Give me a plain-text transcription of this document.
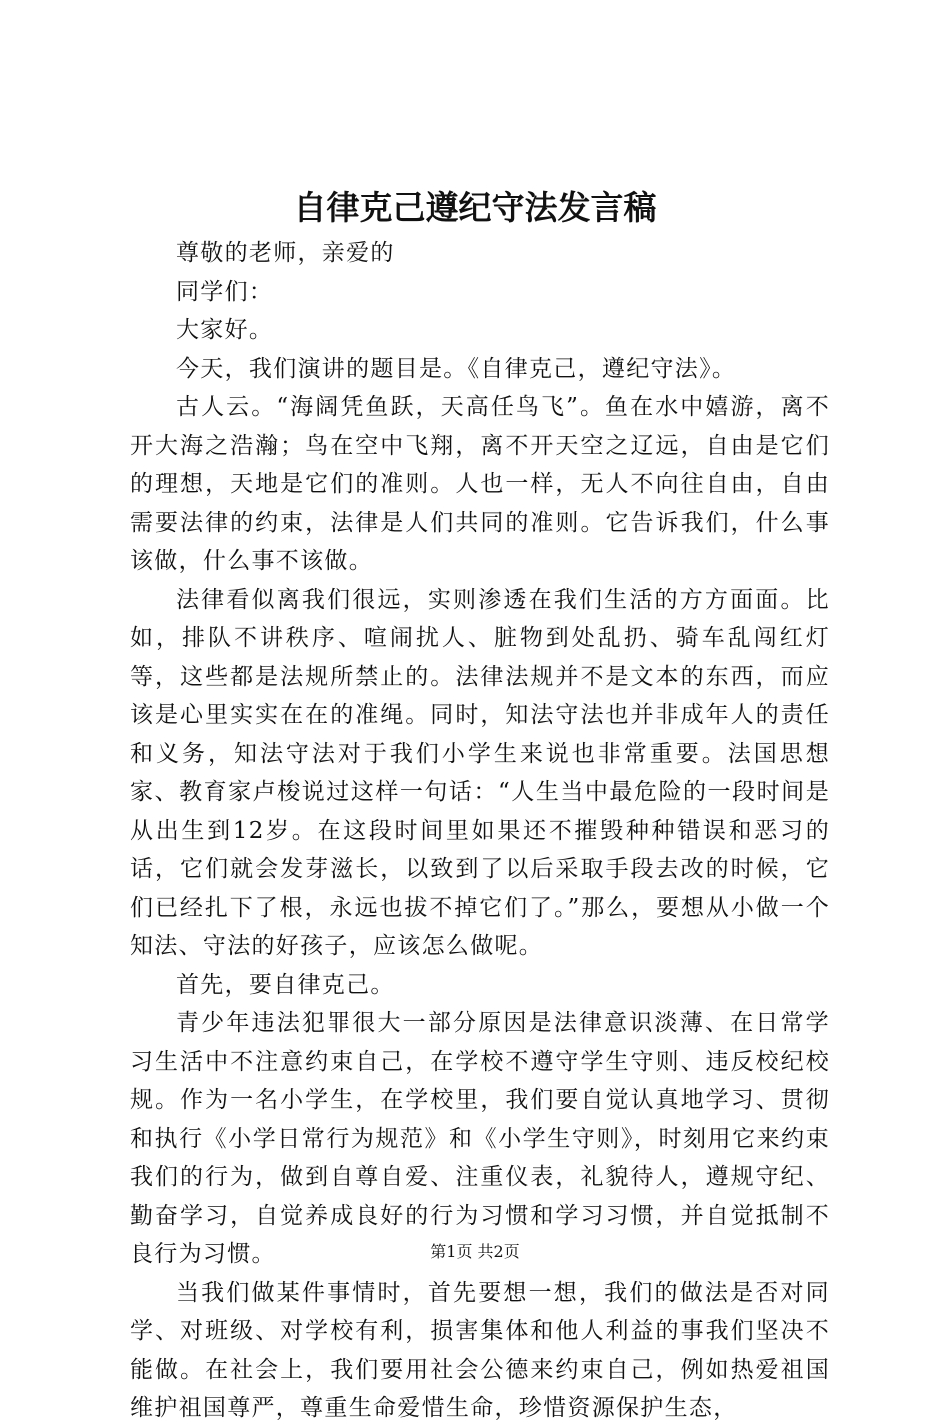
自律克己遵纪守法发言稿

尊敬的老师，亲爱的

同学们：

大家好。

今天，我们演讲的题目是。《自律克己，遵纪守法》。

古人云。“海阔凭鱼跃，天高任鸟飞”。鱼在水中嬉游，离不开大海之浩瀚；鸟在空中飞翔，离不开天空之辽远，自由是它们的理想，天地是它们的准则。人也一样，无人不向往自由，自由需要法律的约束，法律是人们共同的准则。它告诉我们，什么事该做，什么事不该做。

法律看似离我们很远，实则渗透在我们生活的方方面面。比如，排队不讲秩序、喧闹扰人、脏物到处乱扔、骑车乱闯红灯等，这些都是法规所禁止的。法律法规并不是文本的东西，而应该是心里实实在在的准绳。同时，知法守法也并非成年人的责任和义务，知法守法对于我们小学生来说也非常重要。法国思想家、教育家卢梭说过这样一句话：“人生当中最危险的一段时间是从出生到12岁。在这段时间里如果还不摧毁种种错误和恶习的话，它们就会发芽滋长，以致到了以后采取手段去改的时候，它们已经扎下了根，永远也拔不掉它们了。”那么，要想从小做一个知法、守法的好孩子，应该怎么做呢。

首先，要自律克己。

青少年违法犯罪很大一部分原因是法律意识淡薄、在日常学习生活中不注意约束自己，在学校不遵守学生守则、违反校纪校规。作为一名小学生，在学校里，我们要自觉认真地学习、贯彻和执行《小学日常行为规范》和《小学生守则》，时刻用它来约束我们的行为，做到自尊自爱、注重仪表，礼貌待人，遵规守纪、勤奋学习，自觉养成良好的行为习惯和学习习惯，并自觉抵制不良行为习惯。

当我们做某件事情时，首先要想一想，我们的做法是否对同学、对班级、对学校有利，损害集体和他人利益的事我们坚决不能做。在社会上，我们要用社会公德来约束自己，例如热爱祖国维护祖国尊严，尊重生命爱惜生命，珍惜资源保护生态，

第1页 共2页
